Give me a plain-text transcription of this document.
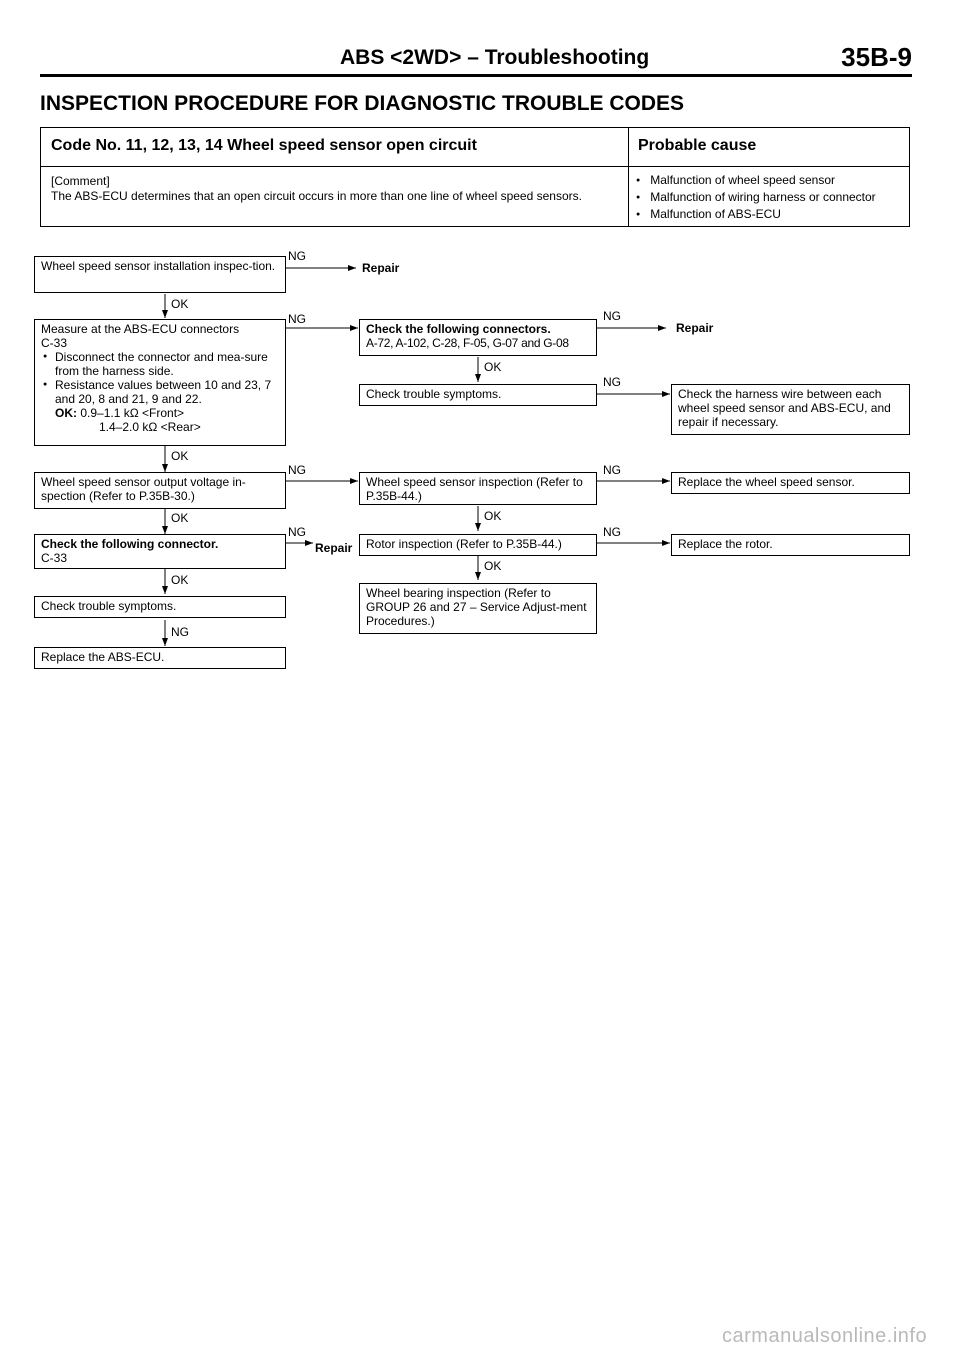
ABS <2WD> – Troubleshooting	35B-9
INSPECTION PROCEDURE FOR DIAGNOSTIC TROUBLE CODES
Code No. 11, 12, 13, 14 Wheel speed sensor open circuit	Probable cause
[Comment]
The ABS-ECU determines that an open circuit occurs in more than one line of wheel speed sensors.
● Malfunction of wheel speed sensor
● Malfunction of wiring harness or connector
● Malfunction of ABS-ECU
Wheel speed sensor installation inspec-tion.
Measure at the ABS-ECU connectors
C-33
● Disconnect the connector and mea-sure from the harness side.
● Resistance values between 10 and 23, 7 and 20, 8 and 21, 9 and 22.
OK: 0.9–1.1 kΩ <Front>
1.4–2.0 kΩ <Rear>
Wheel speed sensor output voltage in-spection (Refer to P.35B-30.)
Check the following connector.
C-33
Check trouble symptoms.
Replace the ABS-ECU.
Check the following connectors.
A-72, A-102, C-28, F-05, G-07 and G-08
Check trouble symptoms.
Wheel speed sensor inspection (Refer to P.35B-44.)
Rotor inspection (Refer to P.35B-44.)
Wheel bearing inspection (Refer to GROUP 26 and 27 – Service Adjust-ment Procedures.)
Check the harness wire between each wheel speed sensor and ABS-ECU, and repair if necessary.
Replace the wheel speed sensor.
Replace the rotor.
Repair
Repair
Repair
NG
NG	NG
NG
NG	NG
NG	NG
NG
OK
OK
OK
OK
OK
OK
OK
carmanualsonline.info
